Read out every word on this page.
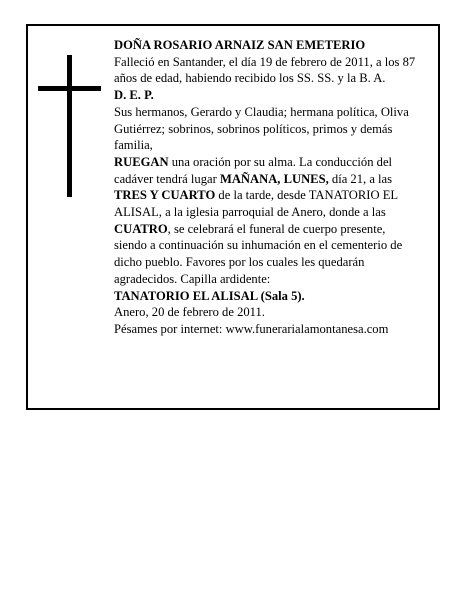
DOÑA ROSARIO ARNAIZ SAN EMETERIO

Falleció en Santander, el día 19 de febrero de 2011, a los 87 años de edad, habiendo recibido los SS. SS. y la B. A.

D. E. P.

Sus hermanos, Gerardo y Claudia; hermana política, Oliva Gutiérrez; sobrinos, sobrinos políticos, primos y demás familia,

RUEGAN una oración por su alma. La conducción del cadáver tendrá lugar MAÑANA, LUNES, día 21, a las TRES Y CUARTO de la tarde, desde TANATORIO EL ALISAL, a la iglesia parroquial de Anero, donde a las CUATRO, se celebrará el funeral de cuerpo presente, siendo a continuación su inhumación en el cementerio de dicho pueblo. Favores por los cuales les quedarán agradecidos. Capilla ardidente:

TANATORIO EL ALISAL (Sala 5).

Anero, 20 de febrero de 2011.

Pésames por internet: www.funerarialamontanesa.com
